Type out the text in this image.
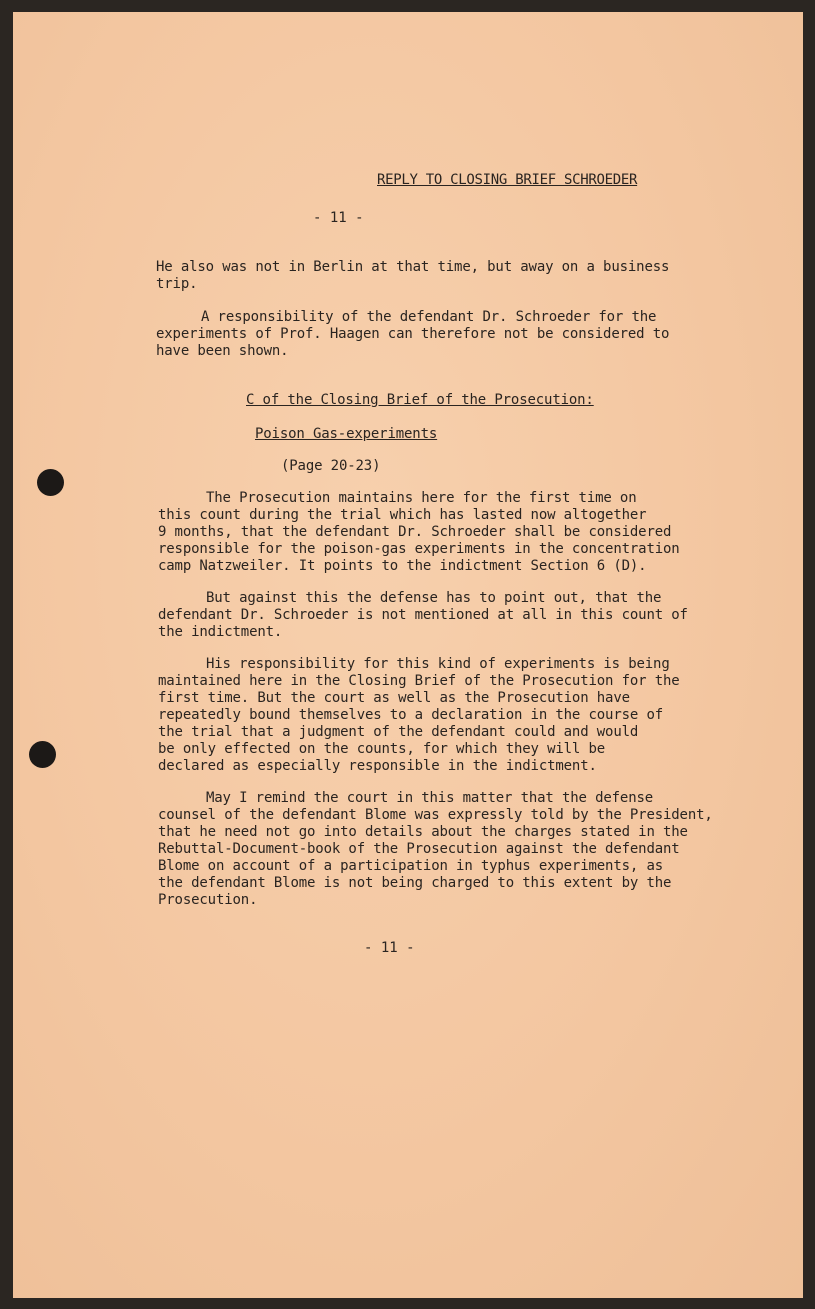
REPLY TO CLOSING BRIEF SCHROEDER
- 11 -
He also was not in Berlin at that time, but away on a business
trip.
A responsibility of the defendant Dr. Schroeder for the
experiments of Prof. Haagen can therefore not be considered to
have been shown.
C of the Closing Brief of the Prosecution:
Poison Gas-experiments
(Page 20-23)
The Prosecution maintains here for the first time on
this count during the trial which has lasted now altogether
9 months, that the defendant Dr. Schroeder shall be considered
responsible for the poison-gas experiments in the concentration
camp Natzweiler. It points to the indictment Section 6 (D).
But against this the defense has to point out, that the
defendant Dr. Schroeder is not mentioned at all in this count of
the indictment.
His responsibility for this kind of experiments is being
maintained here in the Closing Brief of the Prosecution for the
first time. But the court as well as the Prosecution have
repeatedly bound themselves to a declaration in the course of
the trial that a judgment of the defendant could and would
be only effected on the counts, for which they will be
declared as especially responsible in the indictment.
May I remind the court in this matter that the defense
counsel of the defendant Blome was expressly told by the President,
that he need not go into details about the charges stated in the
Rebuttal-Document-book of the Prosecution against the defendant
Blome on account of a participation in typhus experiments, as
the defendant Blome is not being charged to this extent by the
Prosecution.
- 11 -
